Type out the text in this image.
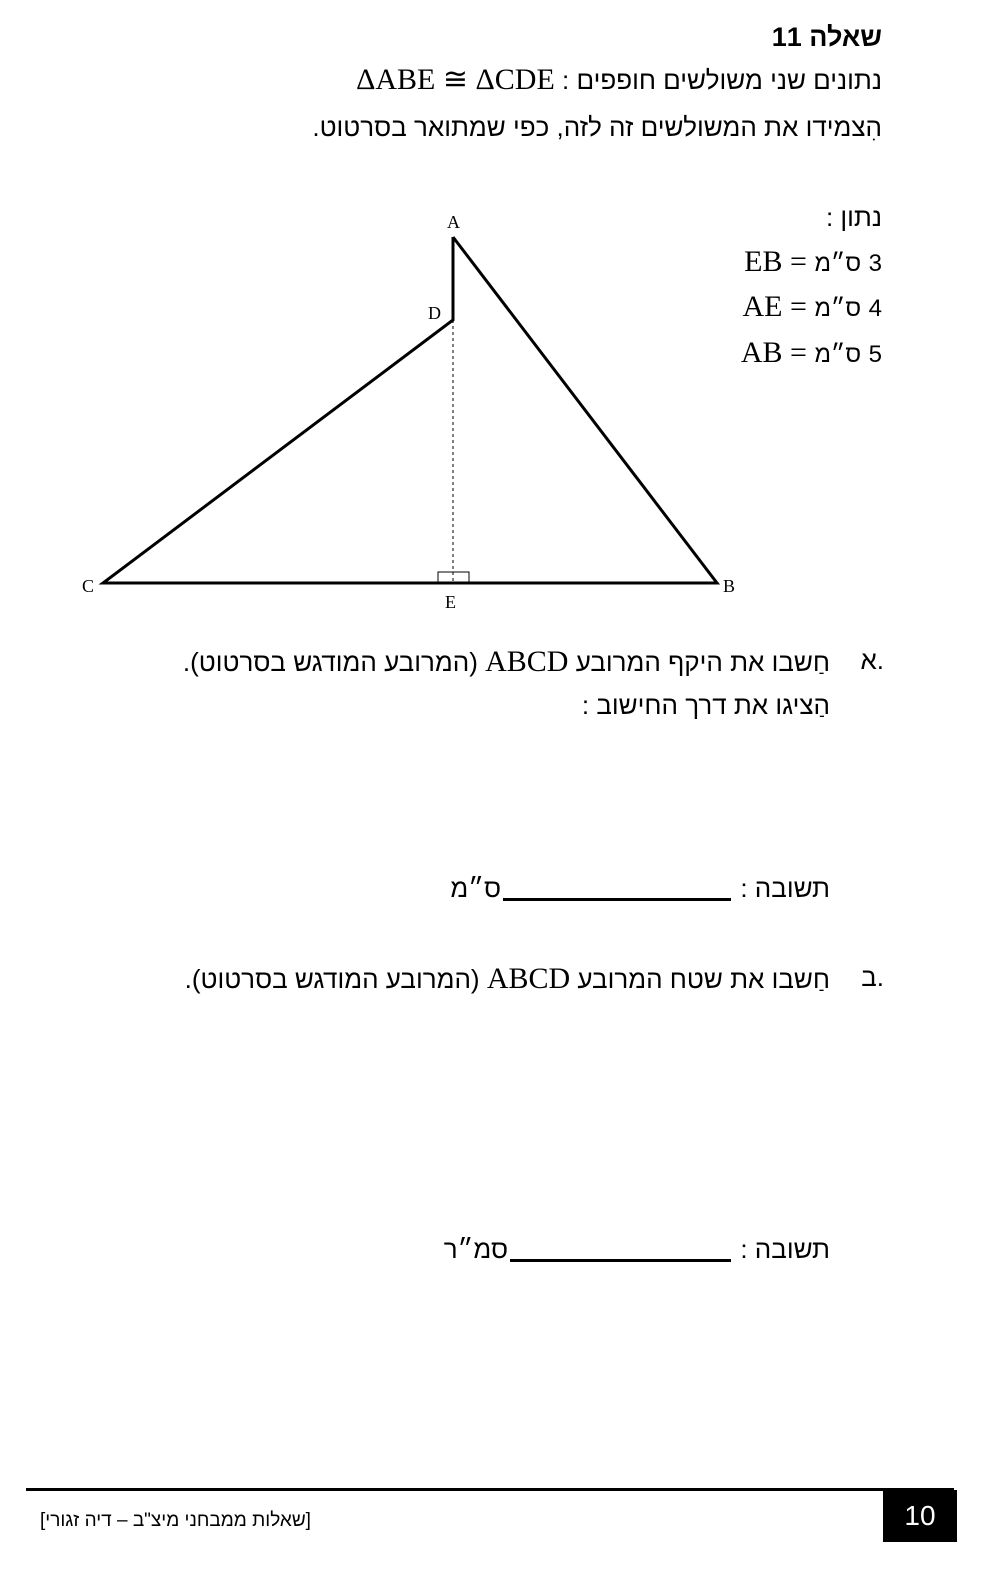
שאלה 11
נתונים שני משולשים חופפים : ΔABE ≅ ΔCDE
הִצמידו את המשולשים זה לזה, כפי שמתואר בסרטוט.
נתון :
EB = ס״מ 3
AE = ס״מ 4
AB = ס״מ 5
A
D
C	B
E
א.
חַשבו את היקף המרובע ABCD (המרובע המודגש בסרטוט).
הַציגו את דרך החישוב :
תשובה :
ס״מ
ב.
חַשבו את שטח המרובע ABCD (המרובע המודגש בסרטוט).
תשובה :
סמ״ר
[שאלות ממבחני מיצ"ב – דיה זגורי]	10
